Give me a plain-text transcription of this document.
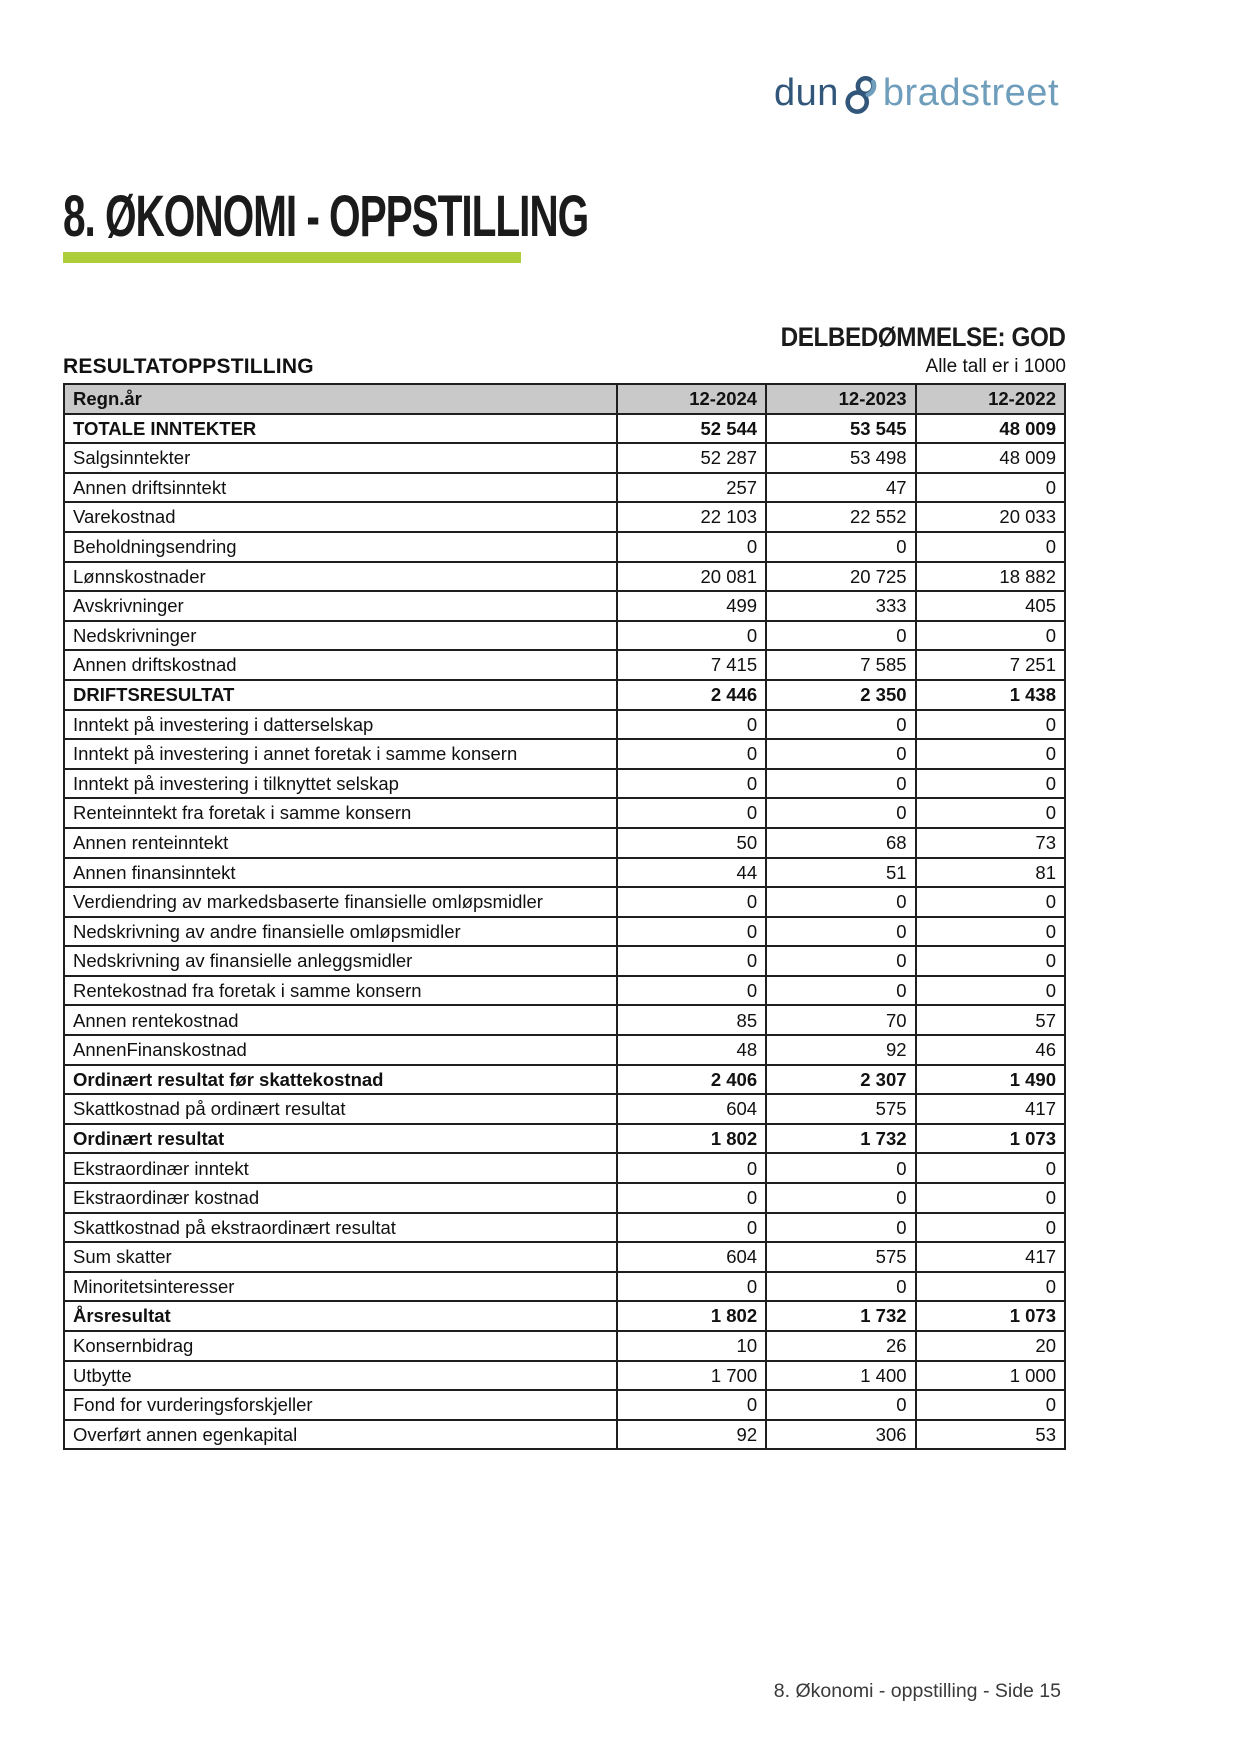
dun bradstreet
8. ØKONOMI - OPPSTILLING
DELBEDØMMELSE: GOD
RESULTATOPPSTILLING	Alle tall er i 1000
Regn.år	12-2024	12-2023	12-2022
TOTALE INNTEKTER	52 544	53 545	48 009
Salgsinntekter	52 287	53 498	48 009
Annen driftsinntekt	257	47	0
Varekostnad	22 103	22 552	20 033
Beholdningsendring	0	0	0
Lønnskostnader	20 081	20 725	18 882
Avskrivninger	499	333	405
Nedskrivninger	0	0	0
Annen driftskostnad	7 415	7 585	7 251
DRIFTSRESULTAT	2 446	2 350	1 438
Inntekt på investering i datterselskap	0	0	0
Inntekt på investering i annet foretak i samme konsern	0	0	0
Inntekt på investering i tilknyttet selskap	0	0	0
Renteinntekt fra foretak i samme konsern	0	0	0
Annen renteinntekt	50	68	73
Annen finansinntekt	44	51	81
Verdiendring av markedsbaserte finansielle omløpsmidler	0	0	0
Nedskrivning av andre finansielle omløpsmidler	0	0	0
Nedskrivning av finansielle anleggsmidler	0	0	0
Rentekostnad fra foretak i samme konsern	0	0	0
Annen rentekostnad	85	70	57
AnnenFinanskostnad	48	92	46
Ordinært resultat før skattekostnad	2 406	2 307	1 490
Skattkostnad på ordinært resultat	604	575	417
Ordinært resultat	1 802	1 732	1 073
Ekstraordinær inntekt	0	0	0
Ekstraordinær kostnad	0	0	0
Skattkostnad på ekstraordinært resultat	0	0	0
Sum skatter	604	575	417
Minoritetsinteresser	0	0	0
Årsresultat	1 802	1 732	1 073
Konsernbidrag	10	26	20
Utbytte	1 700	1 400	1 000
Fond for vurderingsforskjeller	0	0	0
Overført annen egenkapital	92	306	53
8. Økonomi - oppstilling - Side 15
